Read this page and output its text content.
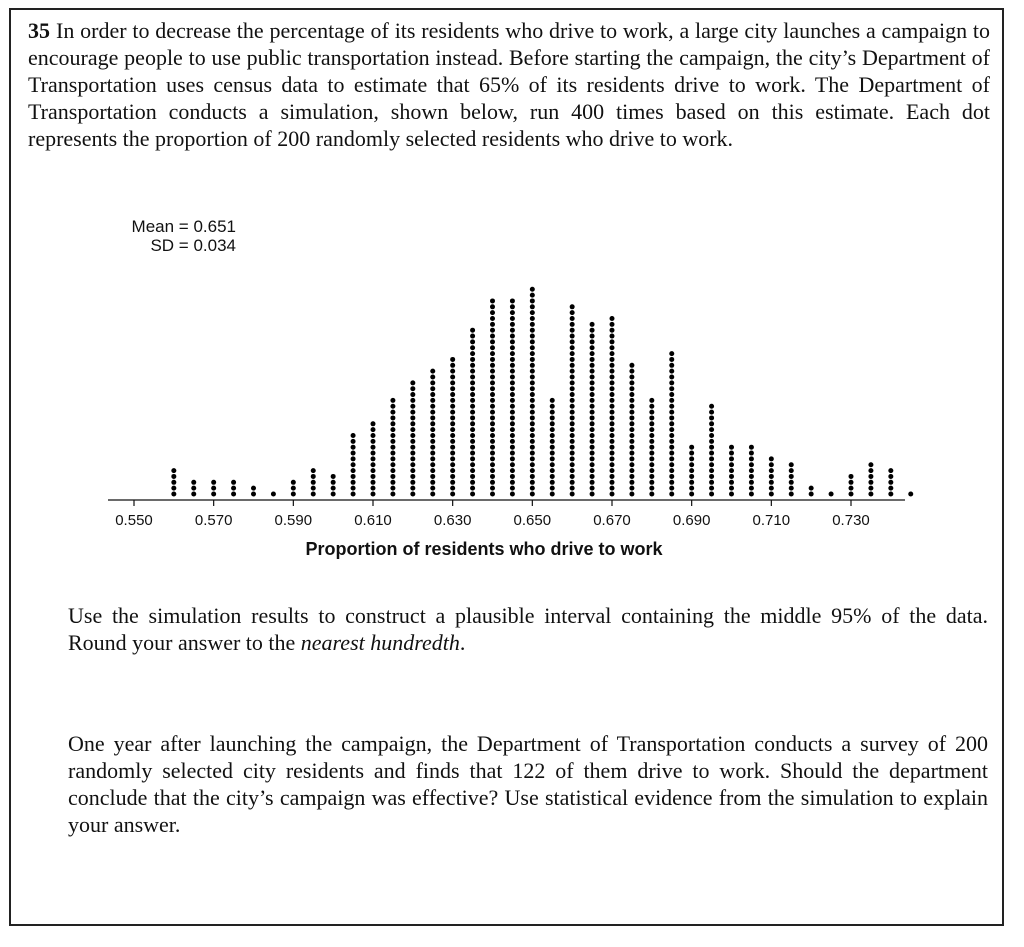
35 In order to decrease the percentage of its residents who drive to work, a large city launches a campaign to encourage people to use public transportation instead. Before starting the campaign, the city’s Department of Transportation uses census data to estimate that 65% of its residents drive to work. The Department of Transportation conducts a simulation, shown below, run 400 times based on this estimate. Each dot represents the proportion of 200 randomly selected residents who drive to work.
Mean = 0.651
SD = 0.034
0.550	0.570	0.590	0.610	0.630	0.650	0.670	0.690	0.710	0.730
Proportion of residents who drive to work
Use the simulation results to construct a plausible interval containing the middle 95% of the data. Round your answer to the nearest hundredth.
One year after launching the campaign, the Department of Transportation conducts a survey of 200 randomly selected city residents and finds that 122 of them drive to work. Should the department conclude that the city’s campaign was effective? Use statistical evidence from the simulation to explain your answer.
